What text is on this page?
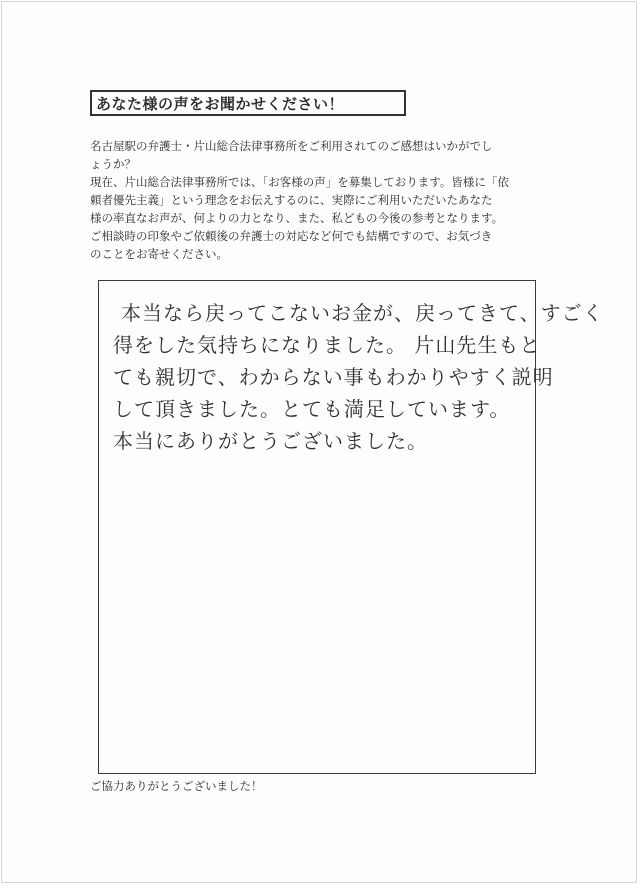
あなた様の声をお聞かせください！
名古屋駅の弁護士・片山総合法律事務所をご利用されてのご感想はいかがでし
ょうか？
現在、片山総合法律事務所では、「お客様の声」を募集しております。皆様に「依
頼者優先主義」という理念をお伝えするのに、実際にご利用いただいたあなた
様の率直なお声が、何よりの力となり、また、私どもの今後の参考となります。
ご相談時の印象やご依頼後の弁護士の対応など何でも結構ですので、お気づき
のことをお寄せください。
本当なら戻ってこないお金が、戻ってきて、すごく
得をした気持ちになりました。 片山先生もと
ても親切で、わからない事もわかりやすく説明
して頂きました。とても満足しています。
本当にありがとうございました。
ご協力ありがとうございました！
